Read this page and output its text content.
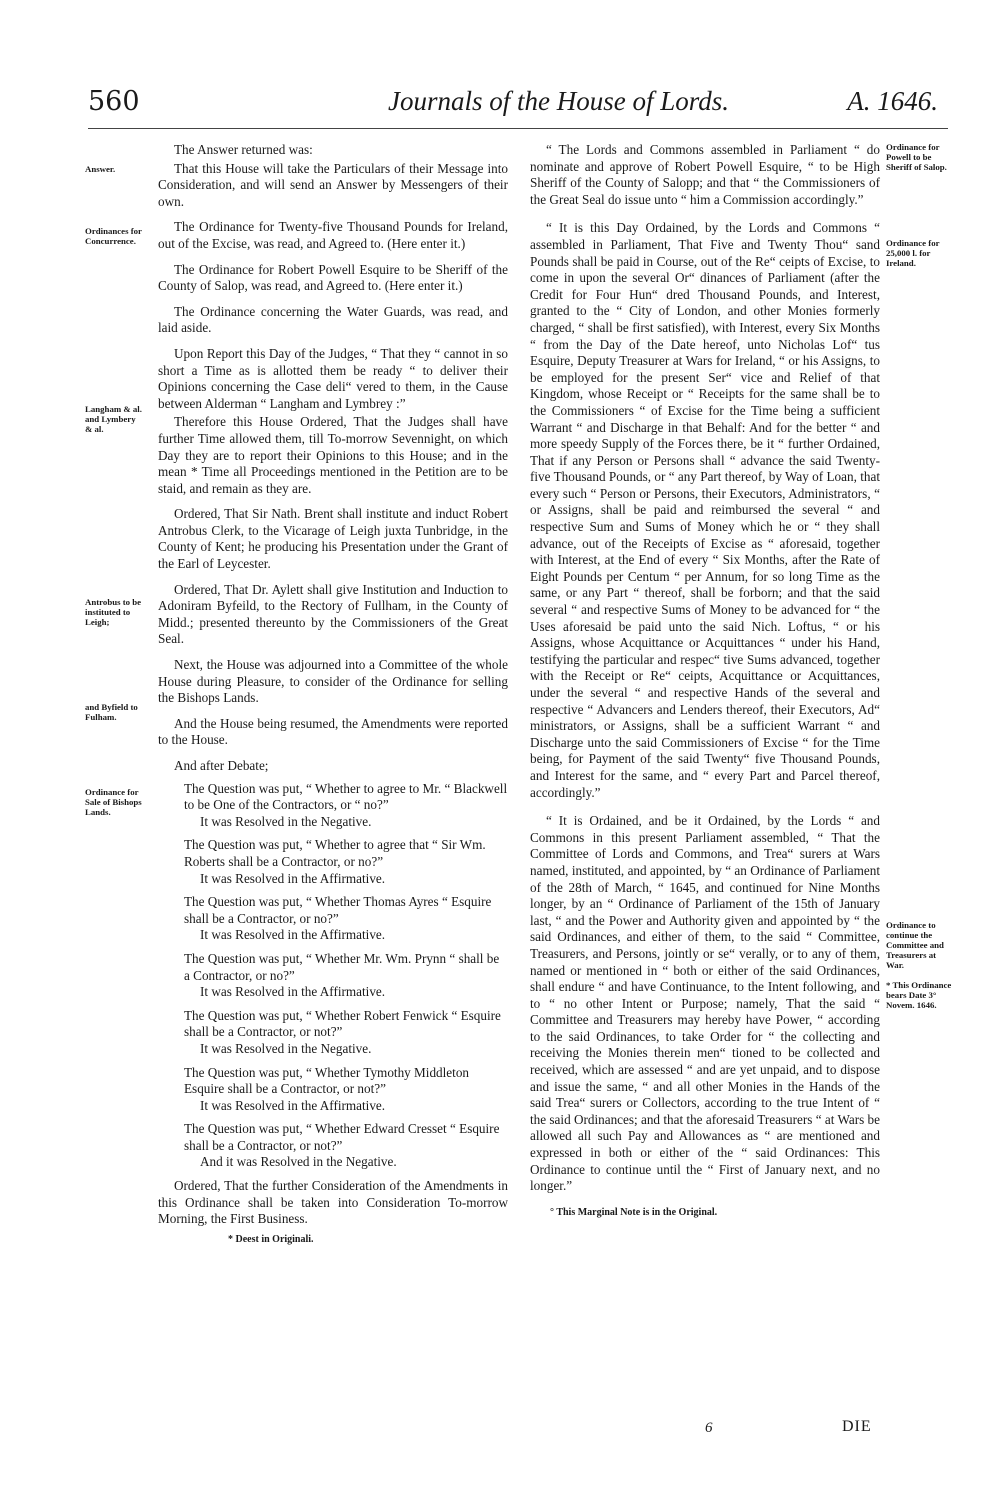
560	Journals of the House of Lords.	A. 1646.
Answer.
Ordinances for Concurrence.
Langham & al. and Lymbery & al.
Antrobus to be instituted to Leigh;
and Byfield to Fulham.
Ordinance for Sale of Bishops Lands.

The Answer returned was:

That this House will take the Particulars of their Message into Consideration, and will send an Answer by Messengers of their own.

The Ordinance for Twenty-five Thousand Pounds for Ireland, out of the Excise, was read, and Agreed to. (Here enter it.)

The Ordinance for Robert Powell Esquire to be Sheriff of the County of Salop, was read, and Agreed to. (Here enter it.)

The Ordinance concerning the Water Guards, was read, and laid aside.

Upon Report this Day of the Judges, “ That they “ cannot in so short a Time as is allotted them be ready “ to deliver their Opinions concerning the Case deli“ vered to them, in the Cause between Alderman “ Langham and Lymbrey :”

Therefore this House Ordered, That the Judges shall have further Time allowed them, till To-morrow Sevennight, on which Day they are to report their Opinions to this House; and in the mean * Time all Proceedings mentioned in the Petition are to be staid, and remain as they are.

Ordered, That Sir Nath. Brent shall institute and induct Robert Antrobus Clerk, to the Vicarage of Leigh juxta Tunbridge, in the County of Kent; he producing his Presentation under the Grant of the Earl of Leycester.

Ordered, That Dr. Aylett shall give Institution and Induction to Adoniram Byfeild, to the Rectory of Fullham, in the County of Midd.; presented thereunto by the Commissioners of the Great Seal.

Next, the House was adjourned into a Committee of the whole House during Pleasure, to consider of the Ordinance for selling the Bishops Lands.

And the House being resumed, the Amendments were reported to the House.

And after Debate;

The Question was put, “ Whether to agree to Mr. “ Blackwell to be One of the Contractors, or “ no?”
It was Resolved in the Negative.
The Question was put, “ Whether to agree that “ Sir Wm. Roberts shall be a Contractor, or no?”
It was Resolved in the Affirmative.
The Question was put, “ Whether Thomas Ayres “ Esquire shall be a Contractor, or no?”
It was Resolved in the Affirmative.
The Question was put, “ Whether Mr. Wm. Prynn “ shall be a Contractor, or no?”
It was Resolved in the Affirmative.
The Question was put, “ Whether Robert Fenwick “ Esquire shall be a Contractor, or not?”
It was Resolved in the Negative.
The Question was put, “ Whether Tymothy Middleton Esquire shall be a Contractor, or not?”
It was Resolved in the Affirmative.
The Question was put, “ Whether Edward Cresset “ Esquire shall be a Contractor, or not?”
And it was Resolved in the Negative.

Ordered, That the further Consideration of the Amendments in this Ordinance shall be taken into Consideration To-morrow Morning, the First Business.

* Deest in Originali.

“ The Lords and Commons assembled in Parliament “ do nominate and approve of Robert Powell Esquire, “ to be High Sheriff of the County of Salopp; and that “ the Commissioners of the Great Seal do issue unto “ him a Commission accordingly.”

“ It is this Day Ordained, by the Lords and Commons “ assembled in Parliament, That Five and Twenty Thou“ sand Pounds shall be paid in Course, out of the Re“ ceipts of Excise, to come in upon the several Or“ dinances of Parliament (after the Credit for Four Hun“ dred Thousand Pounds, and Interest, granted to the “ City of London, and other Monies formerly charged, “ shall be first satisfied), with Interest, every Six Months “ from the Day of the Date hereof, unto Nicholas Lof“ tus Esquire, Deputy Treasurer at Wars for Ireland, “ or his Assigns, to be employed for the present Ser“ vice and Relief of that Kingdom, whose Receipt or “ Receipts for the same shall be to the Commissioners “ of Excise for the Time being a sufficient Warrant “ and Discharge in that Behalf: And for the better “ and more speedy Supply of the Forces there, be it “ further Ordained, That if any Person or Persons shall “ advance the said Twenty-five Thousand Pounds, or “ any Part thereof, by Way of Loan, that every such “ Person or Persons, their Executors, Administrators, “ or Assigns, shall be paid and reimbursed the several “ and respective Sum and Sums of Money which he or “ they shall advance, out of the Receipts of Excise as “ aforesaid, together with Interest, at the End of every “ Six Months, after the Rate of Eight Pounds per Centum “ per Annum, for so long Time as the same, or any Part “ thereof, shall be forborn; and that the said several “ and respective Sums of Money to be advanced for “ the Uses aforesaid be paid unto the said Nich. Loftus, “ or his Assigns, whose Acquittance or Acquittances “ under his Hand, testifying the particular and respec“ tive Sums advanced, together with the Receipt or Re“ ceipts, Acquittance or Acquittances, under the several “ and respective Hands of the several and respective “ Advancers and Lenders thereof, their Executors, Ad“ ministrators, or Assigns, shall be a sufficient Warrant “ and Discharge unto the said Commissioners of Excise “ for the Time being, for Payment of the said Twenty“ five Thousand Pounds, and Interest for the same, and “ every Part and Parcel thereof, accordingly.”

“ It is Ordained, and be it Ordained, by the Lords “ and Commons in this present Parliament assembled, “ That the Committee of Lords and Commons, and Trea“ surers at Wars named, instituted, and appointed, by “ an Ordinance of Parliament of the 28th of March, “ 1645, and continued for Nine Months longer, by an “ Ordinance of Parliament of the 15th of January last, “ and the Power and Authority given and appointed by “ the said Ordinances, and either of them, to the said “ Committee, Treasurers, and Persons, jointly or se“ verally, or to any of them, named or mentioned in “ both or either of the said Ordinances, shall endure “ and have Continuance, to the Intent following, and to “ no other Intent or Purpose; namely, That the said “ Committee and Treasurers may hereby have Power, “ according to the said Ordinances, to take Order for “ the collecting and receiving the Monies therein men“ tioned to be collected and received, which are assessed “ and are yet unpaid, and to dispose and issue the same, “ and all other Monies in the Hands of the said Trea“ surers or Collectors, according to the true Intent of “ the said Ordinances; and that the aforesaid Treasurers “ at Wars be allowed all such Pay and Allowances as “ are mentioned and expressed in both or either of the “ said Ordinances: This Ordinance to continue until the “ First of January next, and no longer.”

° This Marginal Note is in the Original.
Ordinance for Powell to be Sheriff of Salop.
Ordinance for 25,000 l. for Ireland.
Ordinance to continue the Committee and Treasurers at War.
* This Ordinance bears Date 3° Novem. 1646.
6	DIE
